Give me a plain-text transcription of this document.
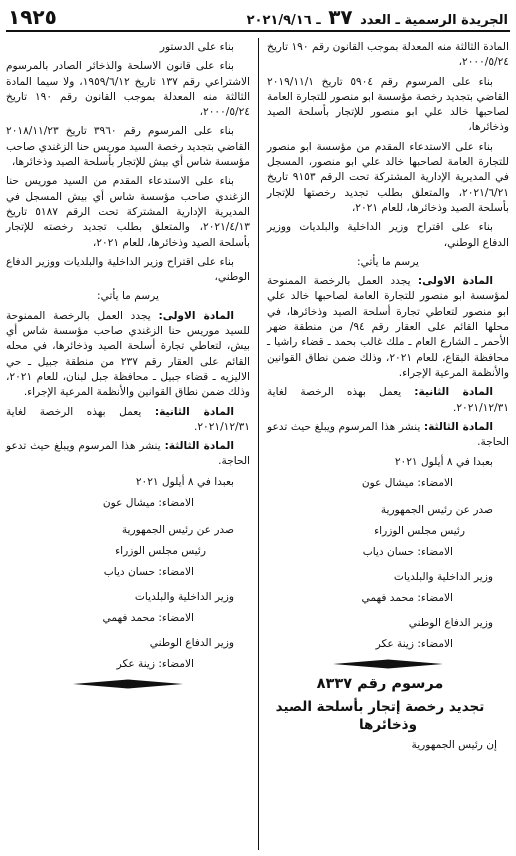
الجريدة الرسمية ـ العدد ٣٧ ـ ٢٠٢١/٩/١٦
١٩٢٥

المادة الثالثة منه المعدلة بموجب القانون رقم ١٩٠ تاريخ ٢٠٠٠/٥/٢٤،

بناء على المرسوم رقم ٥٩٠٤ تاريخ ٢٠١٩/١١/١ القاضي بتجديد رخصة مؤسسة ابو منصور للتجارة العامة لصاحبها خالد علي ابو منصور للإتجار بأسلحة الصيد وذخائرها،

بناء على الاستدعاء المقدم من مؤسسة ابو منصور للتجارة العامة لصاحبها خالد علي ابو منصور، المسجل في المديرية الإدارية المشتركة تحت الرقم ٩١٥٣ تاريخ ٢٠٢١/٦/٢١، والمتعلق بطلب تجديد رخصتها للإتجار بأسلحة الصيد وذخائرها، للعام ٢٠٢١،

بناء على اقتراح وزير الداخلية والبلديات ووزير الدفاع الوطني،

يرسم ما يأتي:

المادة الاولى: يجدد العمل بالرخصة الممنوحة لمؤسسة ابو منصور للتجارة العامة لصاحبها خالد علي ابو منصور لتعاطي تجارة أسلحة الصيد وذخائرها، في محلها القائم على العقار رقم ٩٤/ من منطقة ضهر الأحمر ـ الشارع العام ـ ملك غالب بحمد ـ قضاء راشيا ـ محافظة البقاع، للعام ٢٠٢١، وذلك ضمن نطاق القوانين والأنظمة المرعية الإجراء.

المادة الثانية: يعمل بهذه الرخصة لغاية ٢٠٢١/١٢/٣١.

المادة الثالثة: ينشر هذا المرسوم ويبلغ حيث تدعو الحاجة.

بعبدا في ٨ أيلول ٢٠٢١

الامضاء: ميشال عون

صدر عن رئيس الجمهورية

رئيس مجلس الوزراء

الامضاء: حسان دياب

وزير الداخلية والبلديات

الامضاء: محمد فهمي

وزير الدفاع الوطني

الامضاء: زينة عكر

مرسوم رقم ٨٣٣٧

تجديد رخصة إتجار بأسلحة الصيد وذخائرها

إن رئيس الجمهورية

بناء على الدستور

بناء على قانون الاسلحة والذخائر الصادر بالمرسوم الاشتراعي رقم ١٣٧ تاريخ ١٩٥٩/٦/١٢، ولا سيما المادة الثالثة منه المعدلة بموجب القانون رقم ١٩٠ تاريخ ٢٠٠٠/٥/٢٤،

بناء على المرسوم رقم ٣٩٦٠ تاريخ ٢٠١٨/١١/٢٣ القاضي بتجديد رخصة السيد موريس حنا الزغندي صاحب مؤسسة شاس أي بيش للإتجار بأسلحة الصيد وذخائرها،

بناء على الاستدعاء المقدم من السيد موريس حنا الزغندي صاحب مؤسسة شاس أي بيش المسجل في المديرية الإدارية المشتركة تحت الرقم ٥١٨٧ تاريخ ٢٠٢١/٤/١٣، والمتعلق بطلب تجديد رخصته للإتجار بأسلحة الصيد وذخائرها، للعام ٢٠٢١،

بناء على اقتراح وزير الداخلية والبلديات ووزير الدفاع الوطني،

يرسم ما يأتي:

المادة الاولى: يجدد العمل بالرخصة الممنوحة للسيد موريس حنا الزغندي صاحب مؤسسة شاس أي بيش، لتعاطي تجارة أسلحة الصيد وذخائرها، في محله القائم على العقار رقم ٢٣٧ من منطقة جبيل ـ حي الاليزيه ـ قضاء جبيل ـ محافظة جبل لبنان، للعام ٢٠٢١، وذلك ضمن نطاق القوانين والأنظمة المرعية الإجراء.

المادة الثانية: يعمل بهذه الرخصة لغاية ٢٠٢١/١٢/٣١.

المادة الثالثة: ينشر هذا المرسوم ويبلغ حيث تدعو الحاجة.

بعبدا في ٨ أيلول ٢٠٢١

الامضاء: ميشال عون

صدر عن رئيس الجمهورية

رئيس مجلس الوزراء

الامضاء: حسان دياب

وزير الداخلية والبلديات

الامضاء: محمد فهمي

وزير الدفاع الوطني

الامضاء: زينة عكر
